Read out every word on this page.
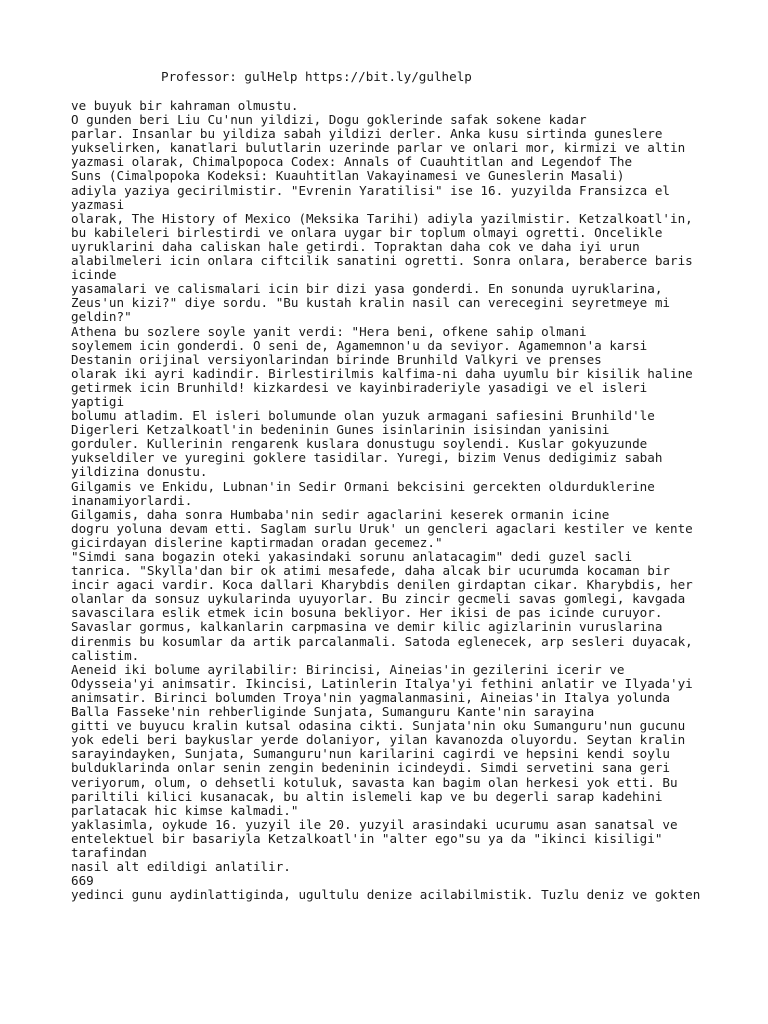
Professor: gulHelp https://bit.ly/gulhelp
ve buyuk bir kahraman olmustu.
O gunden beri Liu Cu'nun yildizi, Dogu goklerinde safak sokene kadar
parlar. Insanlar bu yildiza sabah yildizi derler. Anka kusu sirtinda guneslere
yukselirken, kanatlari bulutlarin uzerinde parlar ve onlari mor, kirmizi ve altin
yazmasi olarak, Chimalpopoca Codex: Annals of Cuauhtitlan and Legendof The
Suns (Cimalpopoka Kodeksi: Kuauhtitlan Vakayinamesi ve Guneslerin Masali)
adiyla yaziya gecirilmistir. "Evrenin Yaratilisi" ise 16. yuzyilda Fransizca el
yazmasi
olarak, The History of Mexico (Meksika Tarihi) adiyla yazilmistir. Ketzalkoatl'in,
bu kabileleri birlestirdi ve onlara uygar bir toplum olmayi ogretti. Oncelikle
uyruklarini daha caliskan hale getirdi. Topraktan daha cok ve daha iyi urun
alabilmeleri icin onlara ciftcilik sanatini ogretti. Sonra onlara, beraberce baris
icinde
yasamalari ve calismalari icin bir dizi yasa gonderdi. En sonunda uyruklarina,
Zeus'un kizi?" diye sordu. "Bu kustah kralin nasil can verecegini seyretmeye mi
geldin?"
Athena bu sozlere soyle yanit verdi: "Hera beni, ofkene sahip olmani
soylemem icin gonderdi. O seni de, Agamemnon'u da seviyor. Agamemnon'a karsi
Destanin orijinal versiyonlarindan birinde Brunhild Valkyri ve prenses
olarak iki ayri kadindir. Birlestirilmis kalfima-ni daha uyumlu bir kisilik haline
getirmek icin Brunhild! kizkardesi ve kayinbiraderiyle yasadigi ve el isleri
yaptigi
bolumu atladim. El isleri bolumunde olan yuzuk armagani safiesini Brunhild'le
Digerleri Ketzalkoatl'in bedeninin Gunes isinlarinin isisindan yanisini
gorduler. Kullerinin rengarenk kuslara donustugu soylendi. Kuslar gokyuzunde
yukseldiler ve yuregini goklere tasidilar. Yuregi, bizim Venus dedigimiz sabah
yildizina donustu.
Gilgamis ve Enkidu, Lubnan'in Sedir Ormani bekcisini gercekten oldurduklerine
inanamiyorlardi.
Gilgamis, daha sonra Humbaba'nin sedir agaclarini keserek ormanin icine
dogru yoluna devam etti. Saglam surlu Uruk' un gencleri agaclari kestiler ve kente
gicirdayan dislerine kaptirmadan oradan gecemez."
"Simdi sana bogazin oteki yakasindaki sorunu anlatacagim" dedi guzel sacli
tanrica. "Skylla'dan bir ok atimi mesafede, daha alcak bir ucurumda kocaman bir
incir agaci vardir. Koca dallari Kharybdis denilen girdaptan cikar. Kharybdis, her
olanlar da sonsuz uykularinda uyuyorlar. Bu zincir gecmeli savas gomlegi, kavgada
savascilara eslik etmek icin bosuna bekliyor. Her ikisi de pas icinde curuyor.
Savaslar gormus, kalkanlarin carpmasina ve demir kilic agizlarinin vuruslarina
direnmis bu kosumlar da artik parcalanmali. Satoda eglenecek, arp sesleri duyacak,
calistim.
Aeneid iki bolume ayrilabilir: Birincisi, Aineias'in gezilerini icerir ve
Odysseia'yi animsatir. Ikincisi, Latinlerin Italya'yi fethini anlatir ve Ilyada'yi
animsatir. Birinci bolumden Troya'nin yagmalanmasini, Aineias'in Italya yolunda
Balla Fasseke'nin rehberliginde Sunjata, Sumanguru Kante'nin sarayina
gitti ve buyucu kralin kutsal odasina cikti. Sunjata'nin oku Sumanguru'nun gucunu
yok edeli beri baykuslar yerde dolaniyor, yilan kavanozda oluyordu. Seytan kralin
sarayindayken, Sunjata, Sumanguru'nun karilarini cagirdi ve hepsini kendi soylu
bulduklarinda onlar senin zengin bedeninin icindeydi. Simdi servetini sana geri
veriyorum, olum, o dehsetli kotuluk, savasta kan bagim olan herkesi yok etti. Bu
pariltili kilici kusanacak, bu altin islemeli kap ve bu degerli sarap kadehini
parlatacak hic kimse kalmadi."
yaklasimla, oykude 16. yuzyil ile 20. yuzyil arasindaki ucurumu asan sanatsal ve
entelektuel bir basariyla Ketzalkoatl'in "alter ego"su ya da "ikinci kisiligi"
tarafindan
nasil alt edildigi anlatilir.
669
yedinci gunu aydinlattiginda, ugultulu denize acilabilmistik. Tuzlu deniz ve gokten
